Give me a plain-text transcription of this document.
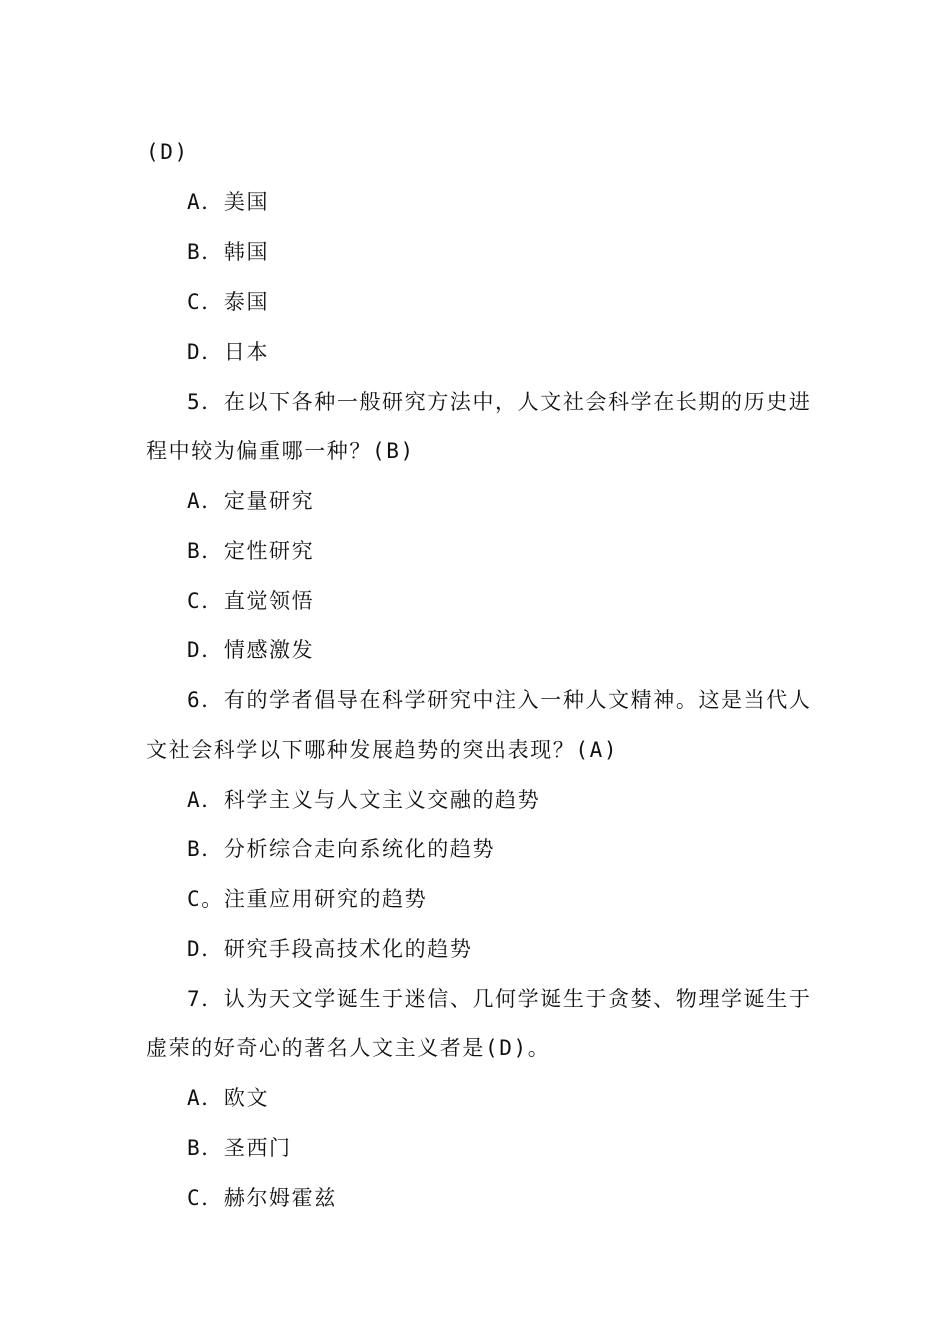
(D)
A．美国
B．韩国
C．泰国
D．日本
5．在以下各种一般研究方法中，人文社会科学在长期的历史进
程中较为偏重哪一种？(B)
A．定量研究
B．定性研究
C．直觉领悟
D．情感激发
6．有的学者倡导在科学研究中注入一种人文精神。这是当代人
文社会科学以下哪种发展趋势的突出表现？(A)
A．科学主义与人文主义交融的趋势
B．分析综合走向系统化的趋势
C。注重应用研究的趋势
D．研究手段高技术化的趋势
7．认为天文学诞生于迷信、几何学诞生于贪婪、物理学诞生于
虚荣的好奇心的著名人文主义者是(D)。
A．欧文
B．圣西门
C．赫尔姆霍兹
